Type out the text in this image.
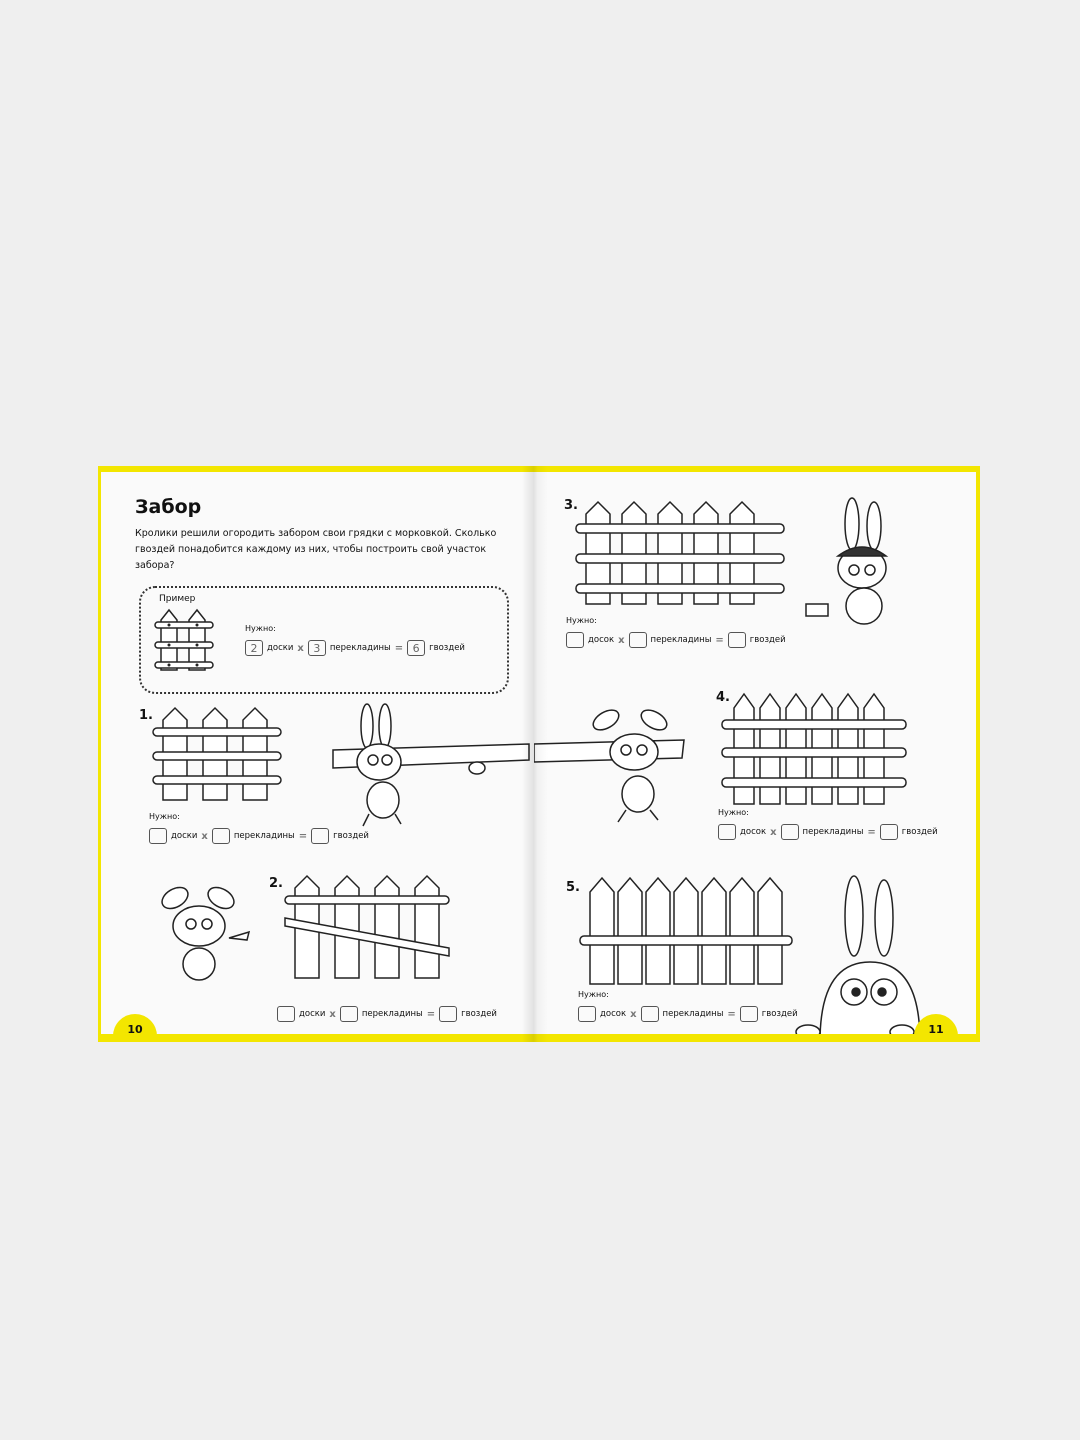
Забор
Кролики решили огородить забором свои грядки с морковкой. Сколько гвоздей понадобится каждому из них, чтобы построить свой участок забора?
Пример
Нужно:
2	доски x 3	перекладины = 6	гвоздей
1.
Нужно:
доски x	перекладины =	гвоздей
2.
доски x	перекладины =	гвоздей
10
3.
Нужно:
досок x	перекладины =	гвоздей
4.
Нужно:
досок x	перекладины =	гвоздей
5.
Нужно:
досок x	перекладины =	гвоздей
11
